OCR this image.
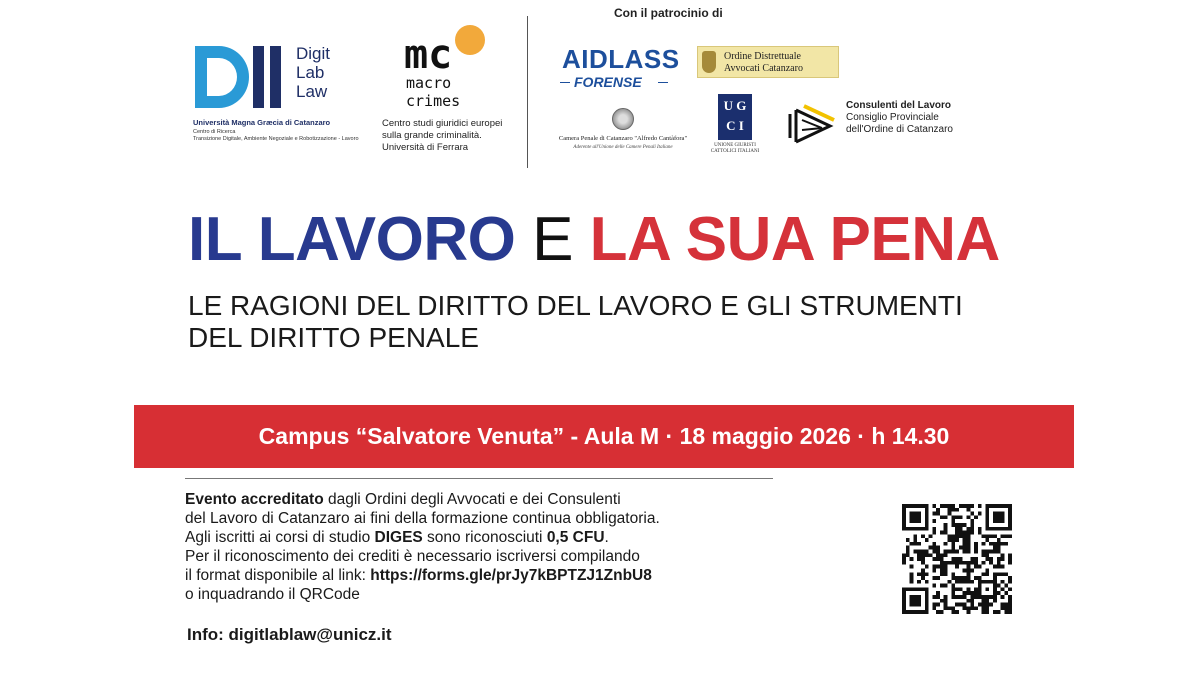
Digit
Lab
Law
Università Magna Græcia di Catanzaro
Centro di Ricerca
Transizione Digitale, Ambiente Negoziale e Robotizzazione - Lavoro
mc
macro
crimes
Centro studi giuridici europei
sulla grande criminalità.
Università di Ferrara
Con il patrocinio di
AIDLASS
FORENSE
Ordine Distrettuale
Avvocati Catanzaro
Camera Penale di Catanzaro "Alfredo Cantàfora"
Aderente all'Unione delle Camere Penali Italiane
U G
C I
UNIONE GIURISTI
CATTOLICI ITALIANI
Consulenti del Lavoro
Consiglio Provinciale
dell'Ordine di Catanzaro
IL LAVORO E LA SUA PENA
LE RAGIONI DEL DIRITTO DEL LAVORO E GLI STRUMENTI
DEL DIRITTO PENALE
Campus “Salvatore Venuta” - Aula M · 18 maggio 2026 · h 14.30
Evento accreditato dagli Ordini degli Avvocati e dei Consulenti
del Lavoro di Catanzaro ai fini della formazione continua obbligatoria.
Agli iscritti ai corsi di studio DIGES sono riconosciuti 0,5 CFU.
Per il riconoscimento dei crediti è necessario iscriversi compilando
il format disponibile al link: https://forms.gle/prJy7kBPTZJ1ZnbU8
o inquadrando il QRCode
Info: digitlablaw@unicz.it
